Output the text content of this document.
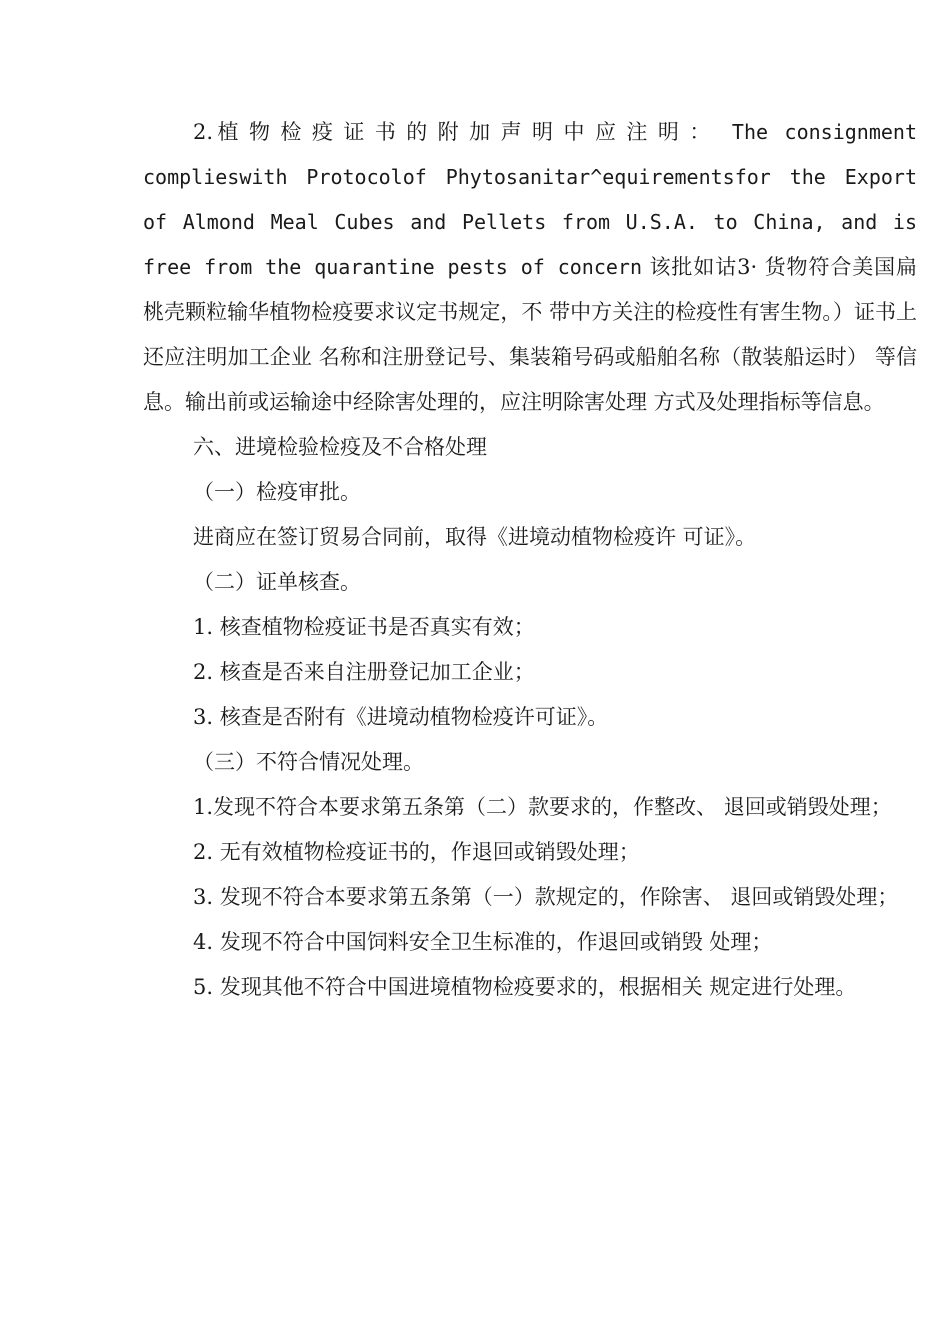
2.植物检疫证书的附加声明中应注明： The consignment complieswith Protocolof Phytosanitar^equirementsfor the Export of Almond Meal Cubes and Pellets from U.S.A. to China, and is free from the quarantine pests of concern 该批如诂3· 货物符合美国扁桃壳颗粒输华植物检疫要求议定书规定，不 带中方关注的检疫性有害生物。）证书上还应注明加工企业 名称和注册登记号、集装箱号码或船舶名称（散装船运时） 等信息。输出前或运输途中经除害处理的，应注明除害处理 方式及处理指标等信息。

六、进境检验检疫及不合格处理

（一）检疫审批。

进商应在签订贸易合同前，取得《进境动植物检疫许 可证》。

（二）证单核查。

1. 核查植物检疫证书是否真实有效；

2. 核查是否来自注册登记加工企业；

3. 核查是否附有《进境动植物检疫许可证》。

（三）不符合情况处理。

1.发现不符合本要求第五条第（二）款要求的，作整改、 退回或销毁处理；

2. 无有效植物检疫证书的，作退回或销毁处理；

3. 发现不符合本要求第五条第（一）款规定的，作除害、 退回或销毁处理；

4. 发现不符合中国饲料安全卫生标准的，作退回或销毁 处理；

5. 发现其他不符合中国进境植物检疫要求的，根据相关 规定进行处理。
